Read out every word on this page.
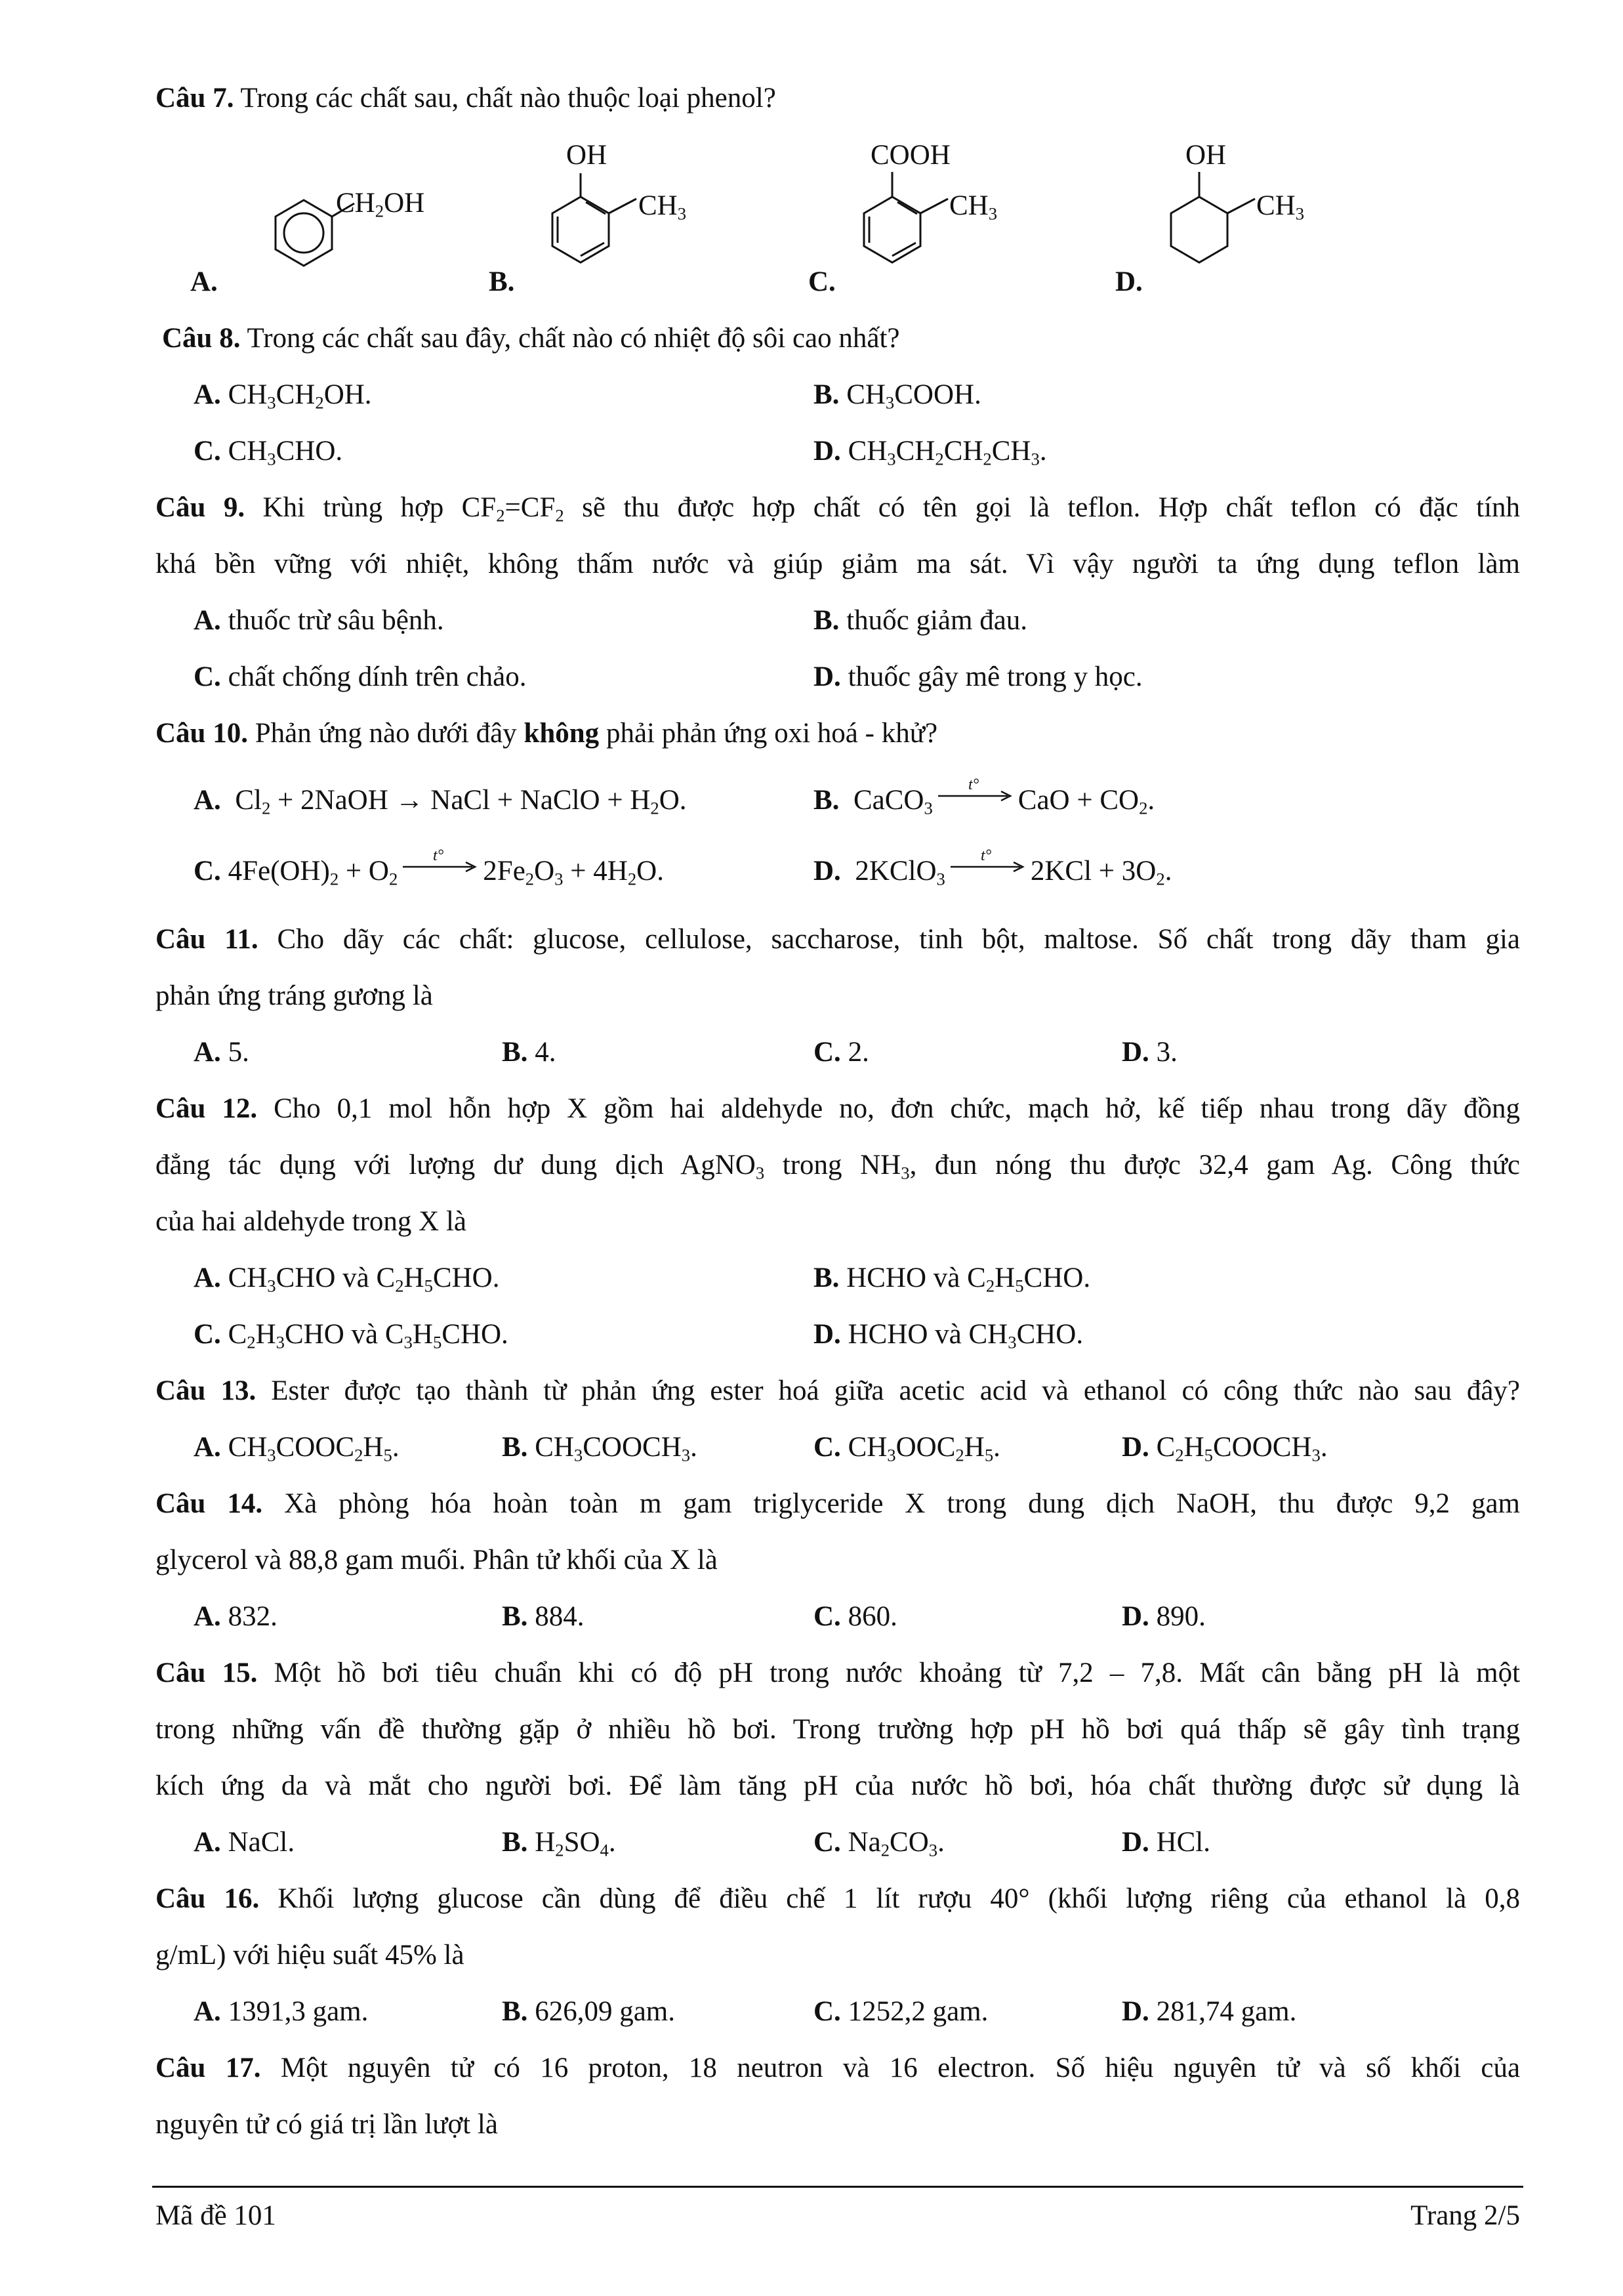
Câu 7. Trong các chất sau, chất nào thuộc loại phenol?
A.
$CH_2OH$
B.
OH
$CH_3$
C.
COOH
$CH_3$
D.
OH
$CH_3$
Câu 8. Trong các chất sau đây, chất nào có nhiệt độ sôi cao nhất?
A. $CH_3CH_2OH$.	B. $CH_3COOH$.
C. $CH_3CHO$.	D. $CH_3CH_2CH_2CH_3$.
Câu 9. Khi trùng hợp $CF_2=CF_2$ sẽ thu được hợp chất có tên gọi là teflon. Hợp chất teflon có đặc tính
khá bền vững với nhiệt, không thấm nước và giúp giảm ma sát. Vì vậy người ta ứng dụng teflon làm
A. thuốc trừ sâu bệnh.	B. thuốc giảm đau.
C. chất chống dính trên chảo.	D. thuốc gây mê trong y học.
Câu 10. Phản ứng nào dưới đây không phải phản ứng oxi hoá - khử?
A.  $Cl_2$ + 2NaOH → NaCl + NaClO + $H_2O$.	B.  CaCO$_3$
t° CaO + $CO_2$.
C. $4Fe(OH)_2 + O_2$
t° $2Fe_2O_3 + 4H_2O$.	D.  2KClO$_3$
t° $2KCl + 3O_2$.
Câu 11. Cho dãy các chất: glucose, cellulose, saccharose, tinh bột, maltose. Số chất trong dãy tham gia
phản ứng tráng gương là
A. 5.	B. 4.	C. 2.	D. 3.
Câu 12. Cho 0,1 mol hỗn hợp X gồm hai aldehyde no, đơn chức, mạch hở, kế tiếp nhau trong dãy đồng
đẳng tác dụng với lượng dư dung dịch AgNO$_3$ trong $NH_3$, đun nóng thu được 32,4 gam Ag. Công thức
của hai aldehyde trong X là
A. $CH_3CHO$ và $C_2H_5CHO$.	B. HCHO và $C_2H_5CHO$.
C. $C_2H_3CHO$ và $C_3H_5CHO$.	D. HCHO và $CH_3CHO$.
Câu 13. Ester được tạo thành từ phản ứng ester hoá giữa acetic acid và ethanol có công thức nào sau đây?
A. $CH_3COOC_2H_5$.	B. $CH_3COOCH_3$.	C. $CH_3OOC_2H_5$.	D. $C_2H_5COOCH_3$.
Câu 14. Xà phòng hóa hoàn toàn m gam triglyceride X trong dung dịch NaOH, thu được 9,2 gam
glycerol và 88,8 gam muối. Phân tử khối của X là
A. 832.	B. 884.	C. 860.	D. 890.
Câu 15. Một hồ bơi tiêu chuẩn khi có độ pH trong nước khoảng từ 7,2 – 7,8. Mất cân bằng pH là một
trong những vấn đề thường gặp ở nhiều hồ bơi. Trong trường hợp pH hồ bơi quá thấp sẽ gây tình trạng
kích ứng da và mắt cho người bơi. Để làm tăng pH của nước hồ bơi, hóa chất thường được sử dụng là
A. NaCl.	B. $H_2SO_4$.	C. $Na_2CO_3$.	D. HCl.
Câu 16. Khối lượng glucose cần dùng để điều chế 1 lít rượu 40° (khối lượng riêng của ethanol là 0,8
g/mL) với hiệu suất 45% là
A. 1391,3 gam.	B. 626,09 gam.	C. 1252,2 gam.	D. 281,74 gam.
Câu 17. Một nguyên tử có 16 proton, 18 neutron và 16 electron. Số hiệu nguyên tử và số khối của
nguyên tử có giá trị lần lượt là
Mã đề 101	Trang 2/5
